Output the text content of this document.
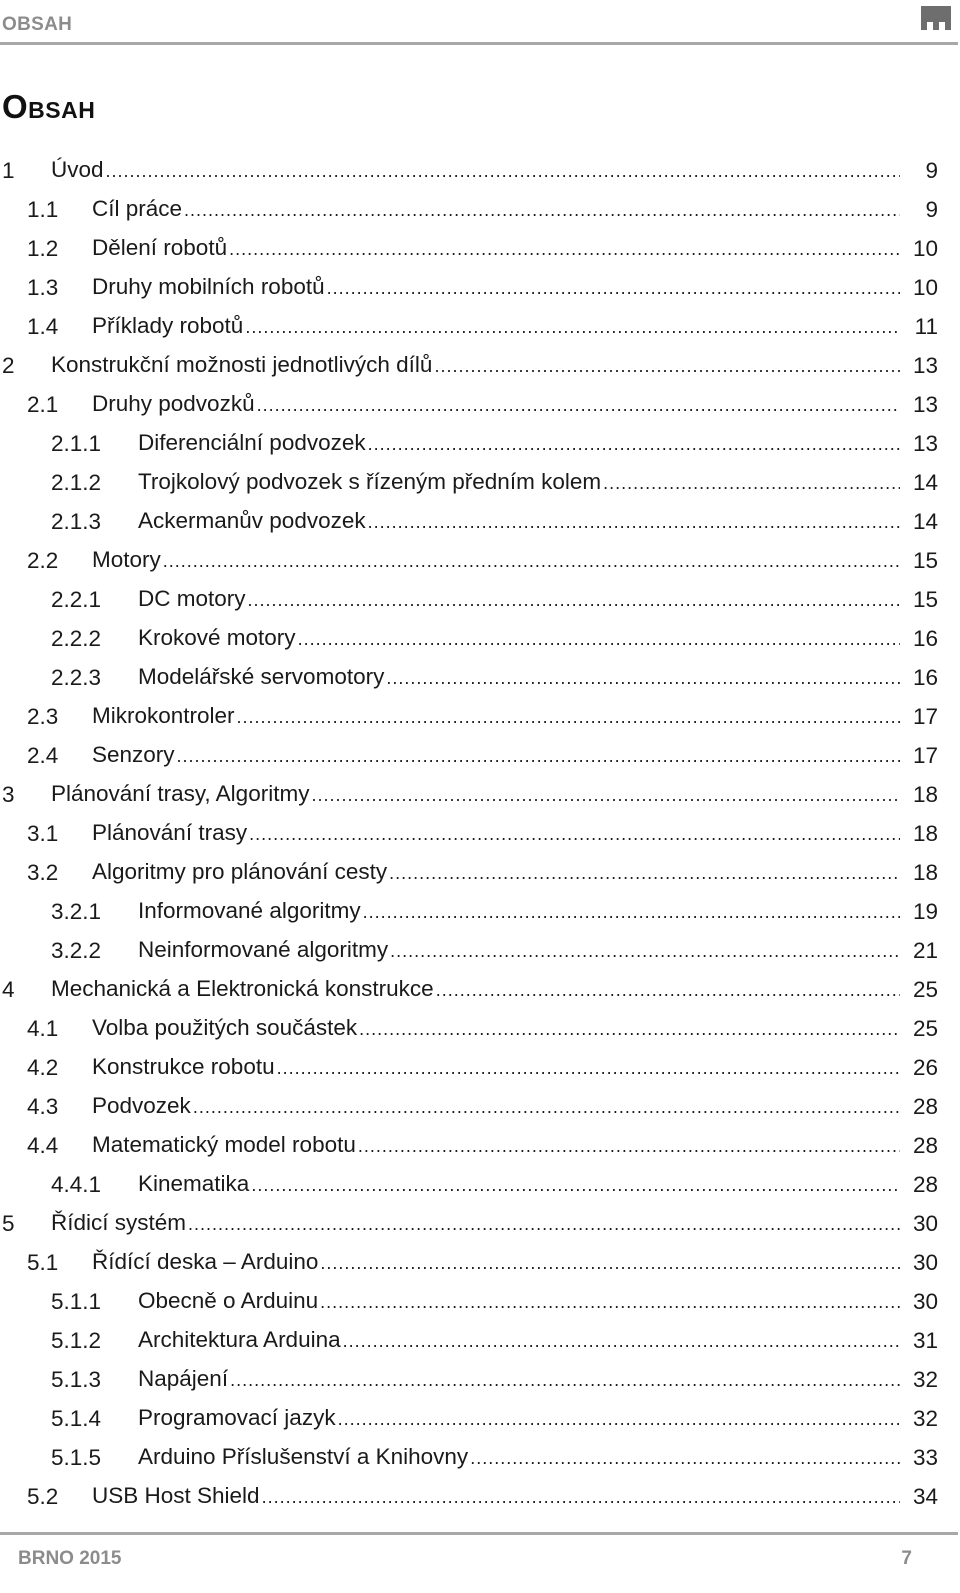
OBSAH
Obsah
1 Úvod .....	9
1.1 Cíl práce .....	9
1.2 Dělení robotů .....	10
1.3 Druhy mobilních robotů .....	10
1.4 Příklady robotů .....	11
2 Konstrukční možnosti jednotlivých dílů .....	13
2.1 Druhy podvozků .....	13
2.1.1 Diferenciální podvozek .....	13
2.1.2 Trojkolový podvozek s řízeným předním kolem .....	14
2.1.3 Ackermanův podvozek .....	14
2.2 Motory .....	15
2.2.1 DC motory .....	15
2.2.2 Krokové motory .....	16
2.2.3 Modelářské servomotory .....	16
2.3 Mikrokontroler .....	17
2.4 Senzory .....	17
3 Plánování trasy, Algoritmy .....	18
3.1 Plánování trasy .....	18
3.2 Algoritmy pro plánování cesty .....	18
3.2.1 Informované algoritmy .....	19
3.2.2 Neinformované algoritmy .....	21
4 Mechanická a Elektronická konstrukce .....	25
4.1 Volba použitých součástek .....	25
4.2 Konstrukce robotu .....	26
4.3 Podvozek .....	28
4.4 Matematický model robotu .....	28
4.4.1 Kinematika .....	28
5 Řídicí systém .....	30
5.1 Řídící deska – Arduino .....	30
5.1.1 Obecně o Arduinu .....	30
5.1.2 Architektura Arduina .....	31
5.1.3 Napájení .....	32
5.1.4 Programovací jazyk .....	32
5.1.5 Arduino Příslušenství a Knihovny .....	33
5.2 USB Host Shield .....	34
BRNO 2015	7
